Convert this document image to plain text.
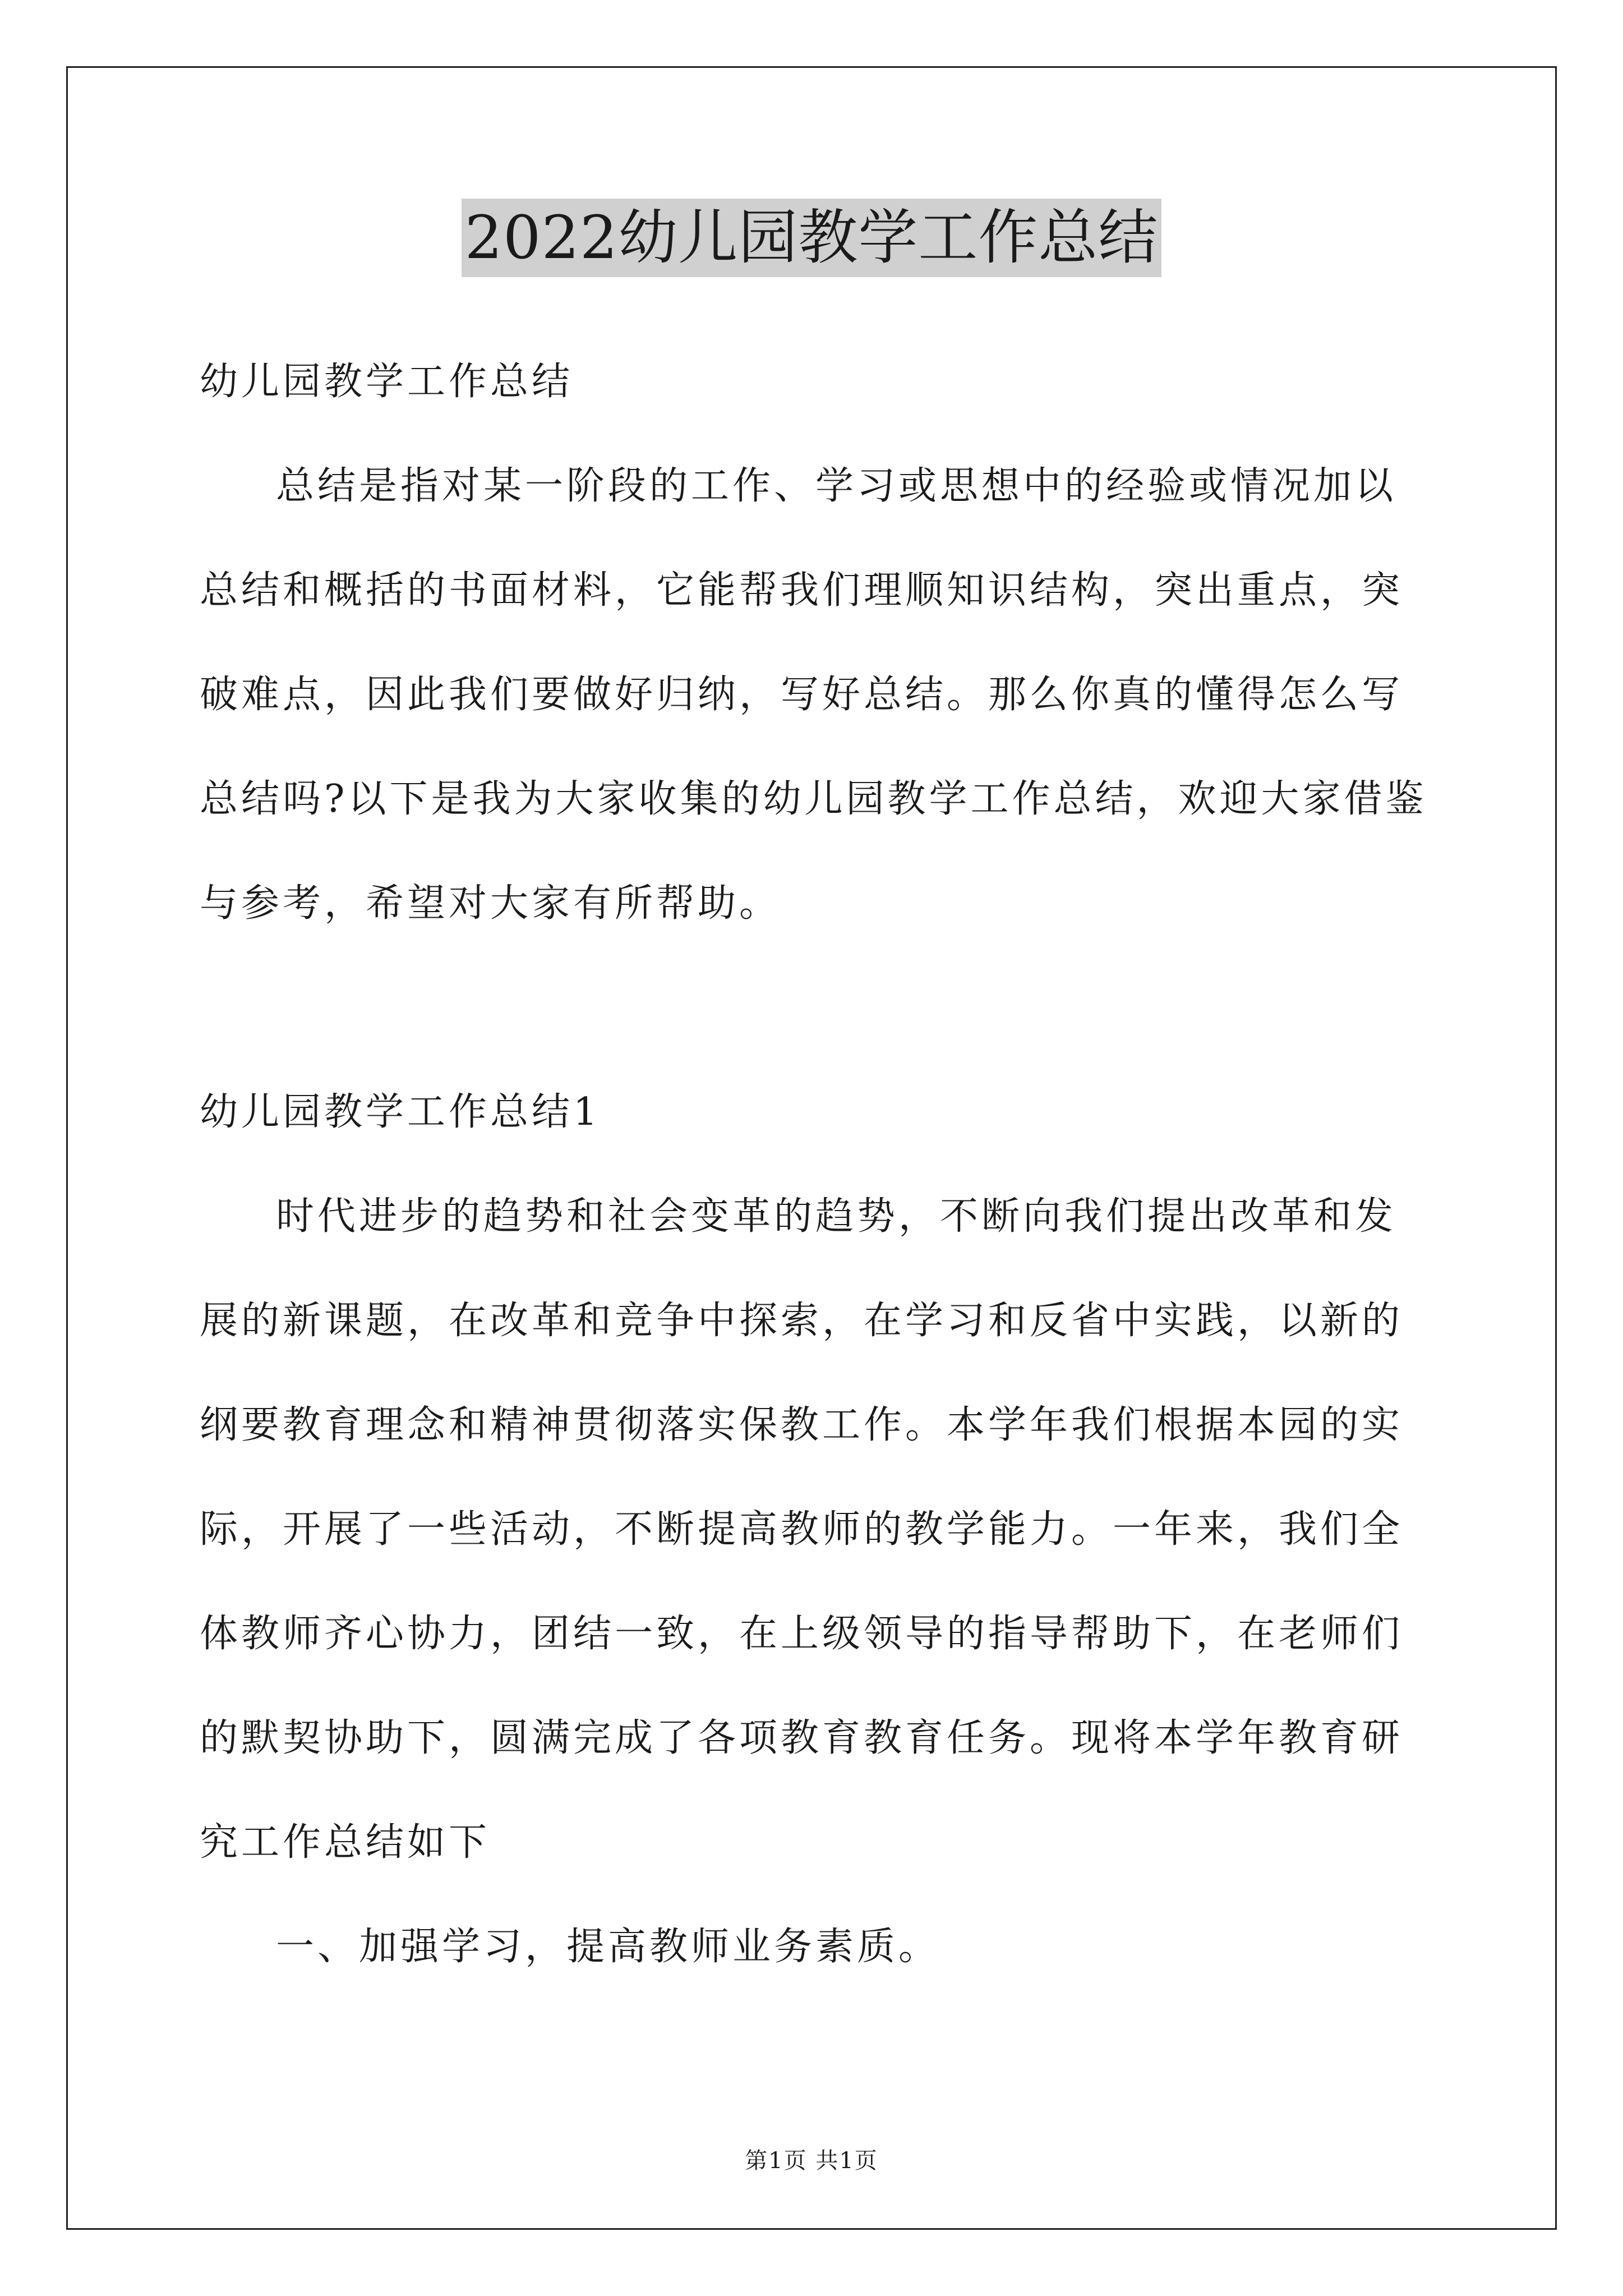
2022幼儿园教学工作总结

幼儿园教学工作总结

总结是指对某一阶段的工作、学习或思想中的经验或情况加以总结和概括的书面材料，它能帮我们理顺知识结构，突出重点，突破难点，因此我们要做好归纳，写好总结。那么你真的懂得怎么写总结吗?以下是我为大家收集的幼儿园教学工作总结，欢迎大家借鉴与参考，希望对大家有所帮助。

幼儿园教学工作总结1

时代进步的趋势和社会变革的趋势，不断向我们提出改革和发展的新课题，在改革和竞争中探索，在学习和反省中实践，以新的纲要教育理念和精神贯彻落实保教工作。本学年我们根据本园的实际，开展了一些活动，不断提高教师的教学能力。一年来，我们全体教师齐心协力，团结一致，在上级领导的指导帮助下，在老师们的默契协助下，圆满完成了各项教育教育任务。现将本学年教育研究工作总结如下

一、加强学习，提高教师业务素质。

第1页 共1页
